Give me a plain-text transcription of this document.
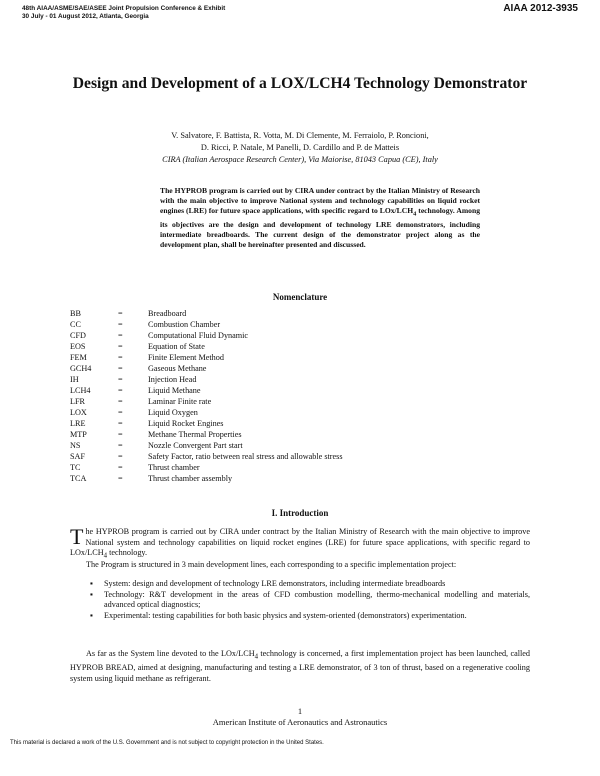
48th AIAA/ASME/SAE/ASEE Joint Propulsion Conference & Exhibit
30 July - 01 August 2012, Atlanta, Georgia
AIAA 2012-3935
Design and Development of a LOX/LCH4 Technology Demonstrator
V. Salvatore, F. Battista, R. Votta, M. Di Clemente, M. Ferraiolo, P. Roncioni,
D. Ricci, P. Natale, M Panelli, D. Cardillo and P. de Matteis
CIRA (Italian Aerospace Research Center), Via Maiorise, 81043 Capua (CE), Italy
The HYPROB program is carried out by CIRA under contract by the Italian Ministry of Research with the main objective to improve National system and technology capabilities on liquid rocket engines (LRE) for future space applications, with specific regard to LOx/$LCH_4$ technology. Among its objectives are the design and development of technology LRE demonstrators, including intermediate breadboards. The current design of the demonstrator project along as the development plan, shall be hereinafter presented and discussed.
Nomenclature
BB	=	Breadboard
CC	=	Combustion Chamber
CFD	=	Computational Fluid Dynamic
EOS	=	Equation of State
FEM	=	Finite Element Method
GCH4	=	Gaseous Methane
IH	=	Injection Head
LCH4	=	Liquid Methane
LFR	=	Laminar Finite rate
LOX	=	Liquid Oxygen
LRE	=	Liquid Rocket Engines
MTP	=	Methane Thermal Properties
NS	=	Nozzle Convergent Part start
SAF	=	Safety Factor, ratio between real stress and allowable stress
TC	=	Thrust chamber
TCA	=	Thrust chamber assembly
I. Introduction
The HYPROB program is carried out by CIRA under contract by the Italian Ministry of Research with the main objective to improve National system and technology capabilities on liquid rocket engines (LRE) for future space applications, with specific regard to LOx/$LCH_4$ technology.
The Program is structured in 3 main development lines, each corresponding to a specific implementation project:
▪ System: design and development of technology LRE demonstrators, including intermediate breadboards
▪ Technology: R&T development in the areas of CFD combustion modelling, thermo-mechanical modelling and materials, advanced optical diagnostics;
▪ Experimental: testing capabilities for both basic physics and system-oriented (demonstrators) experimentation.
As far as the System line devoted to the LOx/$LCH_4$ technology is concerned, a first implementation project has been launched, called HYPROB BREAD, aimed at designing, manufacturing and testing a LRE demonstrator, of 3 ton of thrust, based on a regenerative cooling system using liquid methane as refrigerant.
1
American Institute of Aeronautics and Astronautics
This material is declared a work of the U.S. Government and is not subject to copyright protection in the United States.
